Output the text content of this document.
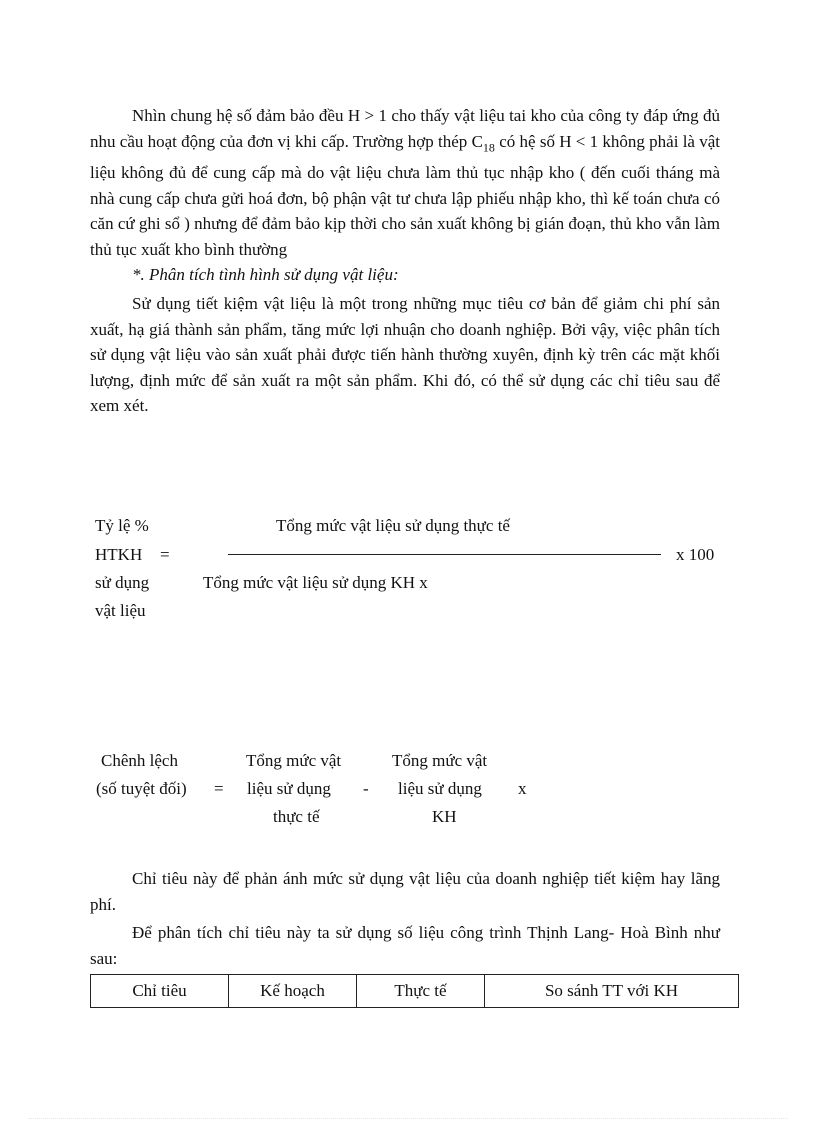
Nhìn chung hệ số đảm bảo đều H > 1 cho thấy vật liệu tai kho của công ty đáp ứng đủ nhu cầu hoạt động của đơn vị khi cấp. Trường hợp thép $C_{18}$ có hệ số H < 1 không phải là vật liệu không đủ để cung cấp mà do vật liệu chưa làm thủ tục nhập kho ( đến cuối tháng mà nhà cung cấp chưa gửi hoá đơn, bộ phận vật tư chưa lập phiếu nhập kho, thì kế toán chưa có căn cứ ghi sổ ) nhưng để đảm bảo kịp thời cho sản xuất không bị gián đoạn, thủ kho vẫn làm thủ tục xuất kho bình thường

*. Phân tích tình hình sử dụng vật liệu:

Sử dụng tiết kiệm vật liệu là một trong những mục tiêu cơ bản để giảm chi phí sản xuất, hạ giá thành sản phẩm, tăng mức lợi nhuận cho doanh nghiệp. Bởi vậy, việc phân tích sử dụng vật liệu vào sản xuất phải được tiến hành thường xuyên, định kỳ trên các mặt khối lượng, định mức để sản xuất ra một sản phẩm. Khi đó, có thể sử dụng các chỉ tiêu sau để xem xét.

Tỷ lệ %	Tổng mức vật liệu sử dụng thực tế
HTKH =	x 100
sử dụng	Tổng mức vật liệu sử dụng KH x
vật liệu
Chênh lệch	Tổng mức vật	Tổng mức vật
(số tuyệt đối) = liệu sử dụng - liệu sử dụng x
thực tế	KH

Chỉ tiêu này để phản ánh mức sử dụng vật liệu của doanh nghiệp tiết kiệm hay lãng phí.

Để phân tích chỉ tiêu này ta sử dụng số liệu công trình Thịnh Lang- Hoà Bình như sau:

Chỉ tiêu	Kế hoạch	Thực tế	So sánh TT với KH
